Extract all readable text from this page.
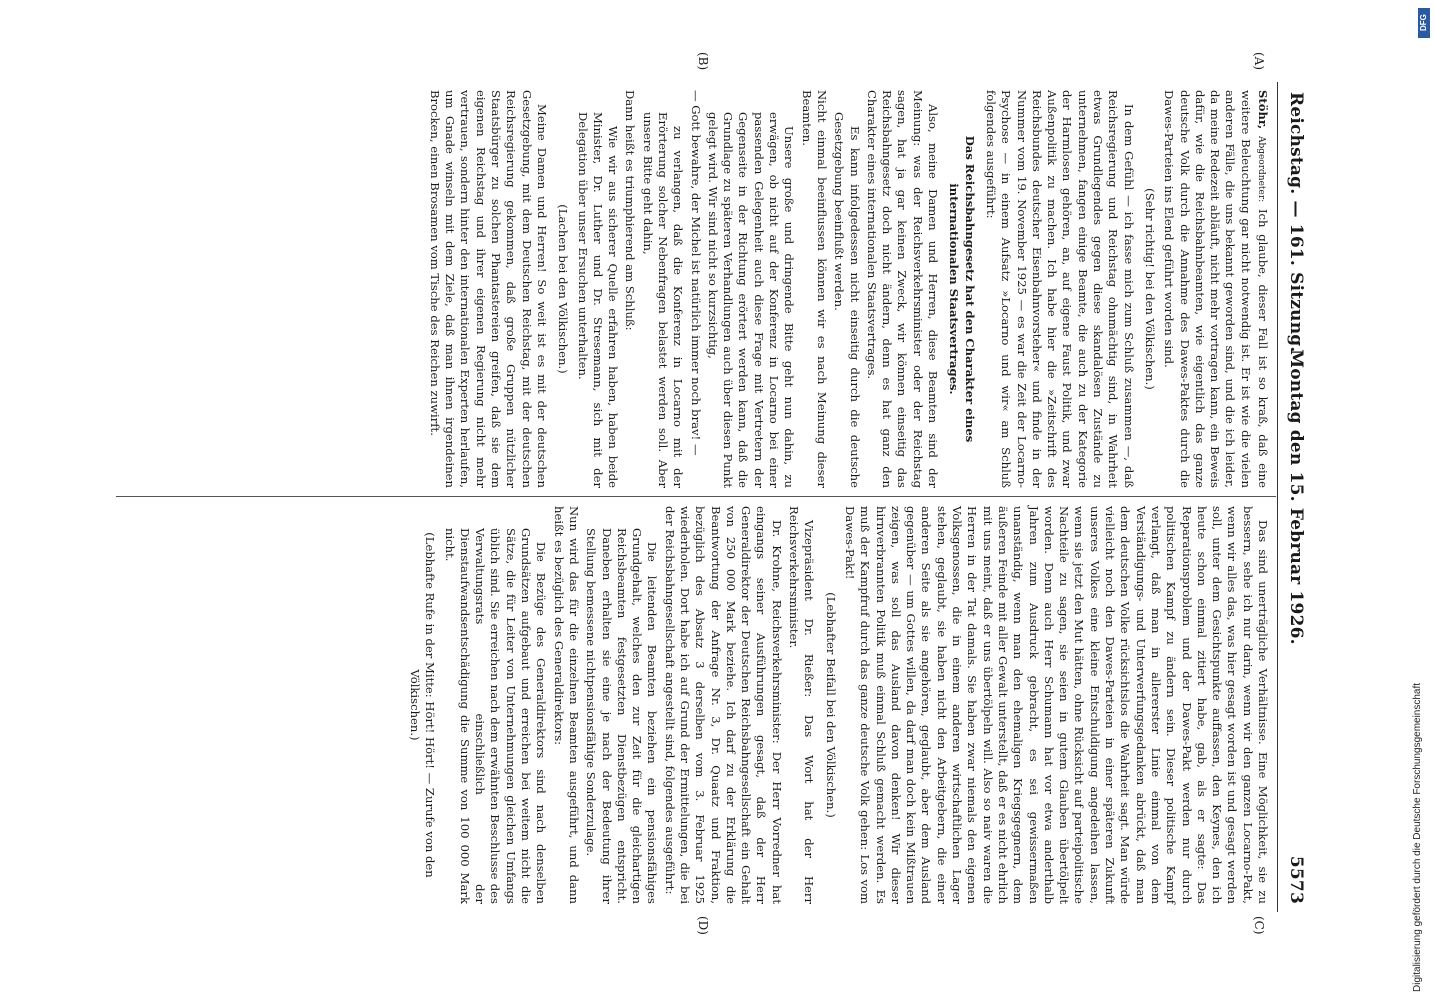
Reichstag. — 161. Sitzung.
Montag den 15. Februar 1926.
5573
(A)
(B)
(C)
(D)

Stöhr, Abgeordneter: Ich glaube, dieser Fall ist so kraß, daß eine weitere Beleuchtung gar nicht notwendig ist. Er ist wie die vielen anderen Fälle, die uns bekannt geworden sind, und die ich leider, da meine Redezeit abläuft, nicht mehr vortragen kann, ein Beweis dafür, wie die Reichsbahnbeamten, wie eigentlich das ganze deutsche Volk durch die Annahme des Dawes-Paktes durch die Dawes-Parteien ins Elend geführt worden sind.

(Sehr richtig! bei den Völkischen.)

In dem Gefühl — ich fasse mich zum Schluß zusammen —, daß Reichsregierung und Reichstag ohnmächtig sind, in Wahrheit etwas Grundlegendes gegen diese skandalösen Zustände zu unternehmen, fangen einige Beamte, die auch zu der Kategorie der Harmlosen gehören, an, auf eigene Faust Politik, und zwar Außenpolitik zu machen. Ich habe hier die »Zeitschrift des Reichsbundes deutscher Eisenbahnvorsteher« und finde in der Nummer vom 19. November 1925 — es war die Zeit der Locarno-Psychose — in einem Aufsatz »Locarno und wir« am Schluß folgendes ausgeführt:

Das Reichsbahngesetz hat den Charakter eines internationalen Staatsvertrages.

Also, meine Damen und Herren, diese Beamten sind der Meinung: was der Reichsverkehrsminister oder der Reichstag sagen, hat ja gar keinen Zweck, wir können einseitig das Reichsbahngesetz doch nicht ändern, denn es hat ganz den Charakter eines internationalen Staatsvertrages.

Es kann infolgedessen nicht einseitig durch die deutsche Gesetzgebung beeinflußt werden.

Nicht einmal beeinflussen können wir es nach Meinung dieser Beamten.

Unsere große und dringende Bitte geht nun dahin, zu erwägen, ob nicht auf der Konferenz in Locarno bei einer passenden Gelegenheit auch diese Frage mit Vertretern der Gegenseite in der Richtung erörtert werden kann, daß die Grundlage zu späteren Verhandlungen auch über diesen Punkt gelegt wird. Wir sind nicht so kurzsichtig,

— Gott bewahre, der Michel ist natürlich immer noch brav! —

zu verlangen, daß die Konferenz in Locarno mit der Erörterung solcher Nebenfragen belastet werden soll. Aber unsere Bitte geht dahin,

Dann heißt es triumphierend am Schluß:

Wie wir aus sicherer Quelle erfahren haben, haben beide Minister, Dr. Luther und Dr. Stresemann, sich mit der Delegation über unser Ersuchen unterhalten.

(Lachen bei den Völkischen.)

Meine Damen und Herren! So weit ist es mit der deutschen Gesetzgebung, mit dem Deutschen Reichstag, mit der deutschen Reichsregierung gekommen, daß große Gruppen nützlicher Staatsbürger zu solchen Phantastereien greifen, daß sie dem eigenen Reichstag und ihrer eigenen Regierung nicht mehr vertrauen, sondern hinter den internationalen Experten herlaufen, um Gnade winseln mit dem Ziele, daß man ihnen irgendeinen Brocken, einen Brosamen vom Tische des Reichen zuwirft.

Das sind unerträgliche Verhältnisse. Eine Möglichkeit, sie zu bessern, sehe ich nur darin, wenn wir den ganzen Locarno-Pakt, wenn wir alles das, was hier gesagt worden ist und gesagt werden soll, unter dem Gesichtspunkte auffassen, den Keynes, den ich heute schon einmal zitiert habe, gab, als er sagte: Das Reparationsproblem und der Dawes-Pakt werden nur durch politischen Kampf zu ändern sein. Dieser politische Kampf verlangt, daß man in allererster Linie einmal von dem Verständigungs- und Unterwerfungsgedanken abrückt, daß man dem deutschen Volke rücksichtslos die Wahrheit sagt. Man würde vielleicht noch den Dawes-Parteien in einer späteren Zukunft unseres Volkes eine kleine Entschuldigung angedeihen lassen, wenn sie jetzt den Mut hätten, ohne Rücksicht auf parteipolitische Nachteile zu sagen, sie seien in gutem Glauben übertölpelt worden. Denn auch Herr Schumann hat vor etwa anderthalb Jahren zum Ausdruck gebracht, es sei gewissermaßen unanständig, wenn man den ehemaligen Kriegsgegnern, dem äußeren Feinde mit aller Gewalt unterstellt, daß er es nicht ehrlich mit uns meint, daß er uns übertölpeln will. Also so naiv waren die Herren in der Tat damals. Sie haben zwar niemals den eigenen Volksgenossen, die in einem anderen wirtschaftlichen Lager stehen, geglaubt, sie haben nicht den Arbeitgebern, die einer anderen Seite als sie angehören, geglaubt, aber dem Ausland gegenüber — um Gottes willen, da darf man doch kein Mißtrauen zeigen, was soll das Ausland davon denken! Wir dieser hirnverbrannten Politik muß einmal Schluß gemacht werden. Es muß der Kampfruf durch das ganze deutsche Volk gehen: Los vom Dawes-Pakt!

(Lebhafter Beifall bei den Völkischen.)

Vizepräsident Dr. Rießer: Das Wort hat der Herr Reichsverkehrsminister.

Dr. Krohne, Reichsverkehrsminister: Der Herr Vorredner hat eingangs seiner Ausführungen gesagt, daß der Herr Generaldirektor der Deutschen Reichsbahngesellschaft ein Gehalt von 250 000 Mark beziehe. Ich darf zu der Erklärung die Beantwortung der Anfrage Nr. 3, Dr. Quaatz und Fraktion, bezüglich des Absatz 3 derselben vom 3. Februar 1925 wiederholen. Dort habe ich auf Grund der Ermittelungen, die bei der Reichsbahngesellschaft angestellt sind, folgendes ausgeführt:

Die leitenden Beamten beziehen ein pensionsfähiges Grundgehalt, welches den zur Zeit für die gleichartigen Reichsbeamten festgesetzten Dienstbezügen entspricht. Daneben erhalten sie eine je nach der Bedeutung ihrer Stellung bemessene nichtpensionsfähige Sonderzulage.

Nun wird das für die einzelnen Beamten ausgeführt, und dann heißt es bezüglich des Generaldirektors:

Die Bezüge des Generaldirektors sind nach denselben Grundsätzen aufgebaut und erreichen bei weitem nicht die Sätze, die für Leiter von Unternehmungen gleichen Umfangs üblich sind. Sie erreichen nach dem erwähnten Beschlusse des Verwaltungsrats einschließlich der Dienstaufwandsentschädigung die Summe von 100 000 Mark nicht.

(Lebhafte Rufe in der Mitte: Hört! Hört! — Zurufe von den Völkischen.)	Digitalisierung gefördert durch die Deutsche Forschungsgemeinschaft
DFG
